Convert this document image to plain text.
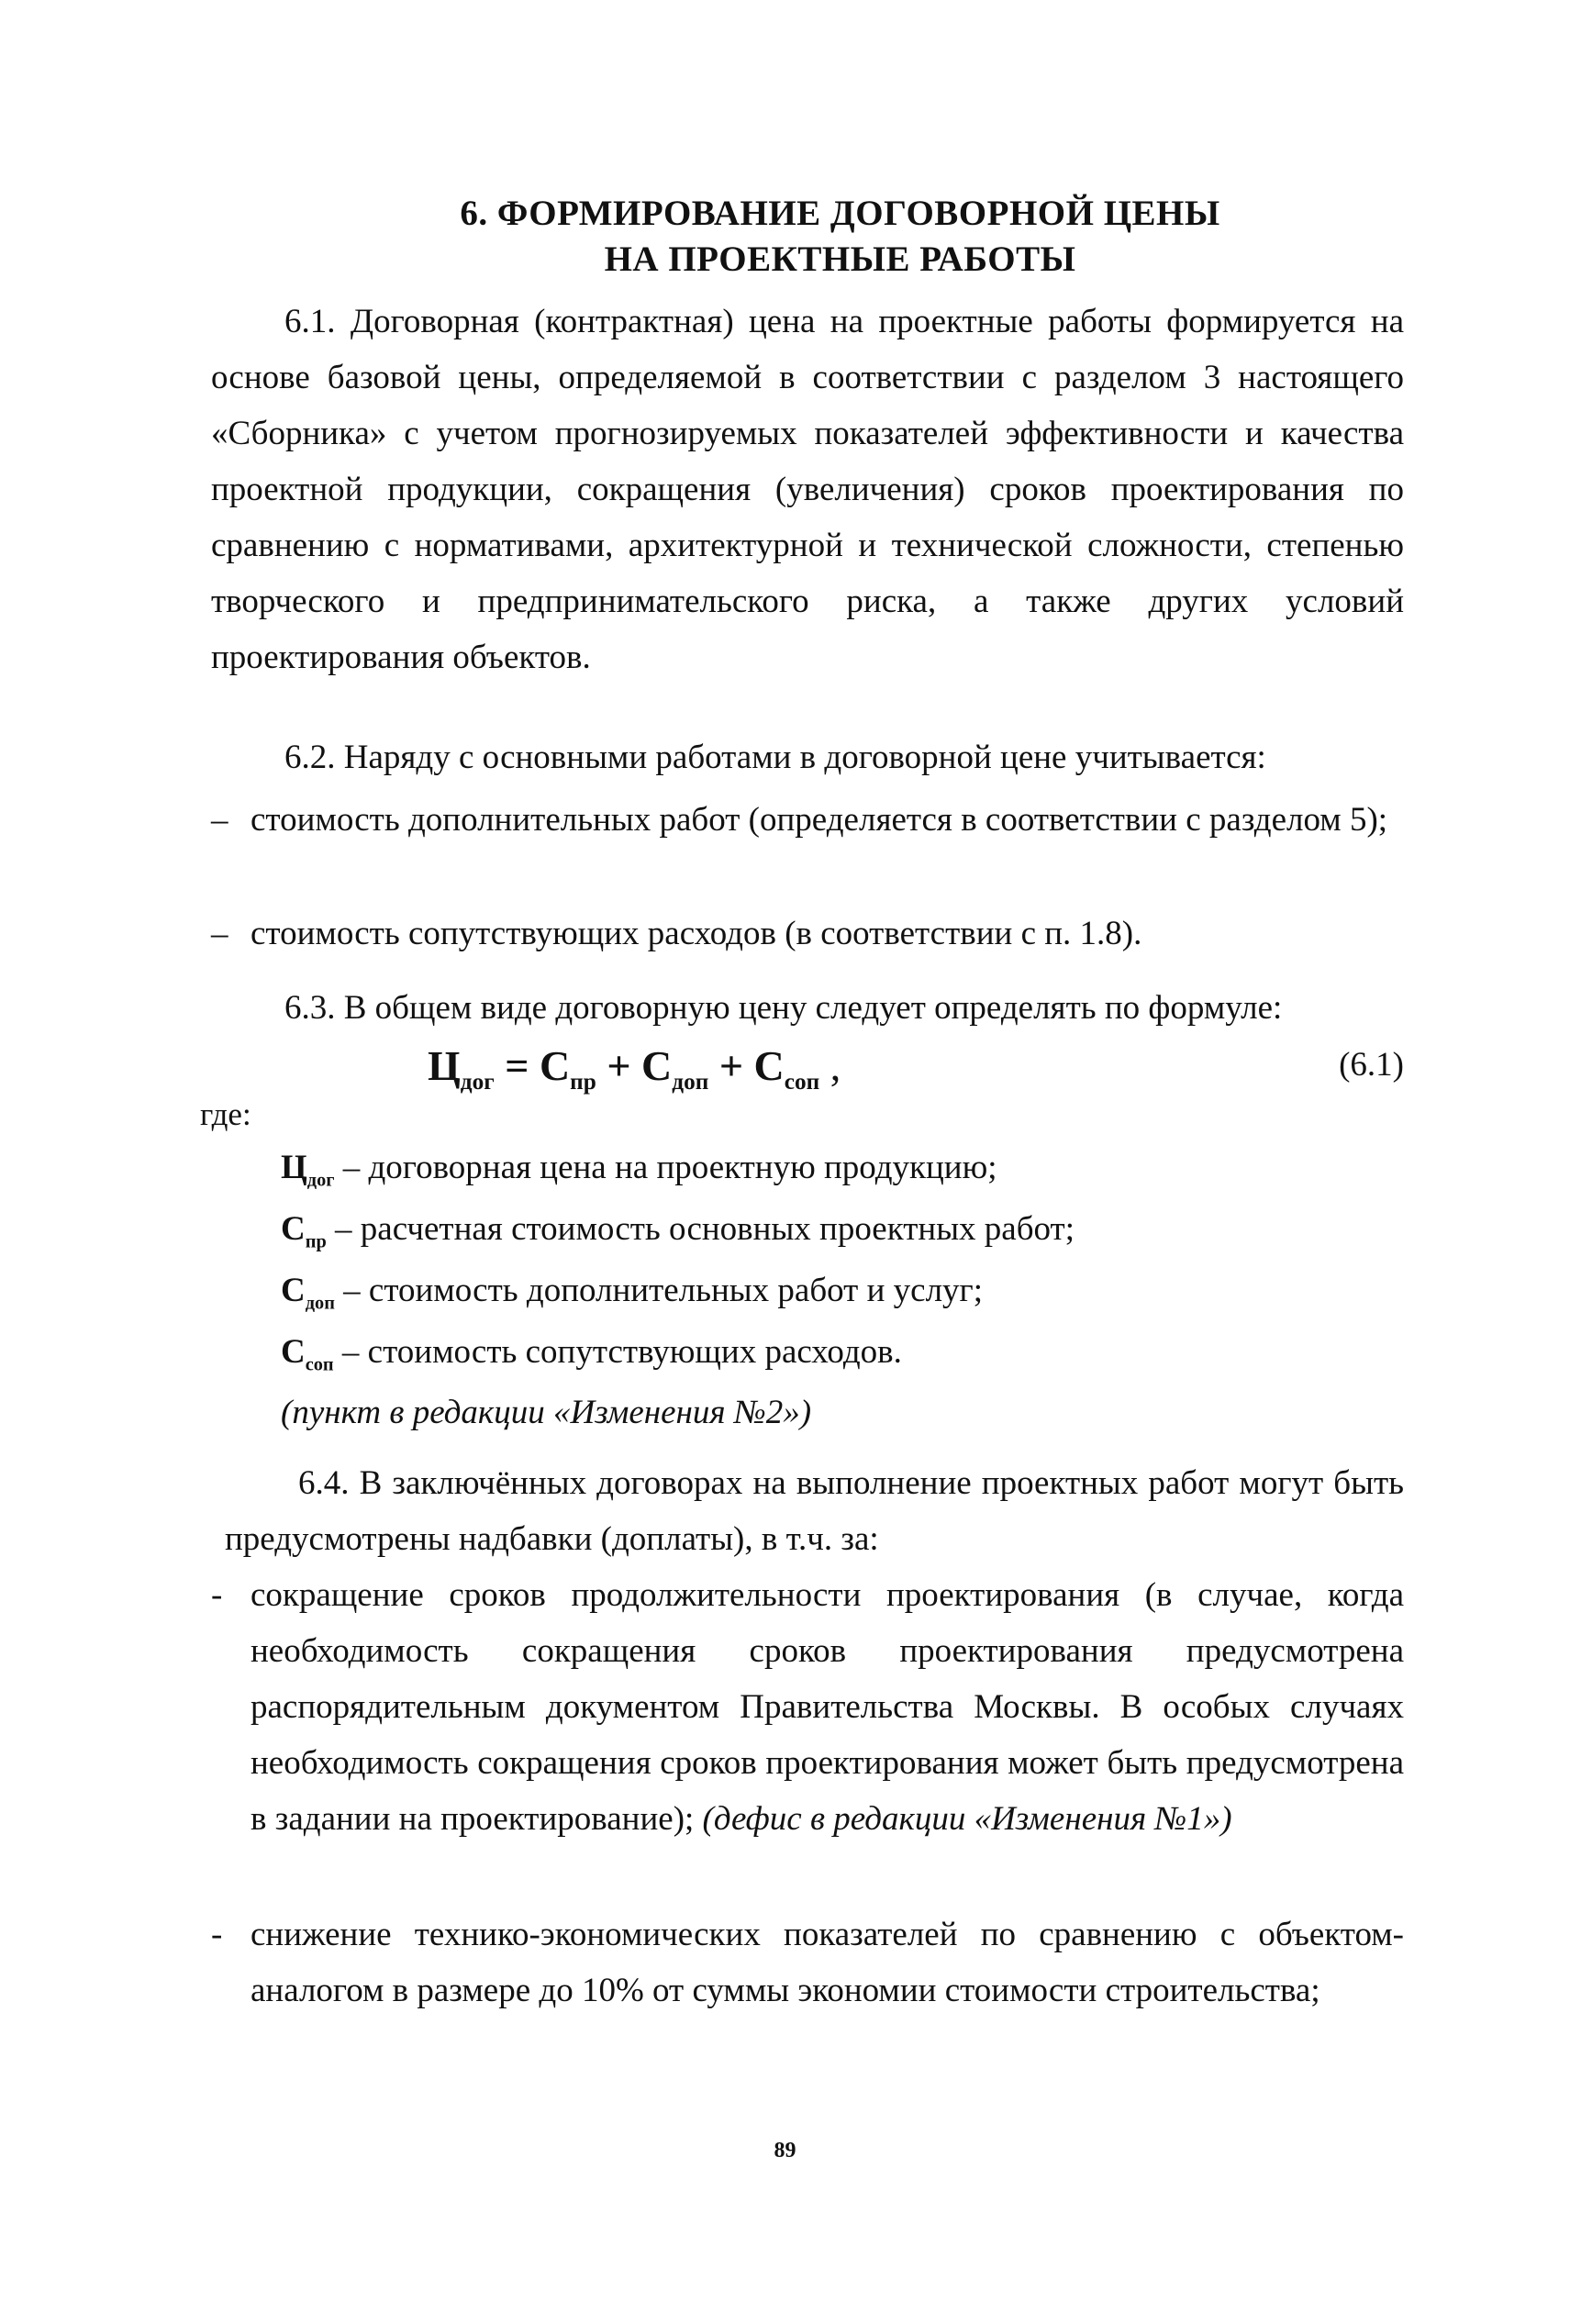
6. ФОРМИРОВАНИЕ ДОГОВОРНОЙ ЦЕНЫ
НА ПРОЕКТНЫЕ РАБОТЫ
6.1. Договорная (контрактная) цена на проектные работы формируется на основе базовой цены, определяемой в соответствии с разделом 3 настоящего «Сборника» с учетом прогнозируемых показателей эффективности и качества проектной продукции, сокращения (увеличения) сроков проектирования по сравнению с нормативами, архитектурной и технической сложности, степенью творческого и предпринимательского риска, а также других условий проектирования объектов.
6.2. Наряду с основными работами в договорной цене учитывается:
– стоимость дополнительных работ (определяется в соответствии с разделом 5);
– стоимость сопутствующих расходов (в соответствии с п. 1.8).
6.3. В общем виде договорную цену следует определять по формуле:
$Ц_{дог} = С_{пр} + С_{доп} + С_{соп}$ ,	(6.1)
где:
$Ц_{дог}$ – договорная цена на проектную продукцию;
$С_{пр}$ – расчетная стоимость основных проектных работ;
$С_{доп}$ – стоимость дополнительных работ и услуг;
$С_{соп}$ – стоимость сопутствующих расходов.
(пункт в редакции «Изменения №2»)
6.4. В заключённых договорах на выполнение проектных работ могут быть предусмотрены надбавки (доплаты), в т.ч. за:
- сокращение сроков продолжительности проектирования (в случае, когда необходимость сокращения сроков проектирования предусмотрена распорядительным документом Правительства Москвы. В особых случаях необходимость сокращения сроков проектирования может быть предусмотрена в задании на проектирование); (дефис в редакции «Изменения №1»)
- снижение технико-экономических показателей по сравнению с объектом-аналогом в размере до 10% от суммы экономии стоимости строительства;
89
